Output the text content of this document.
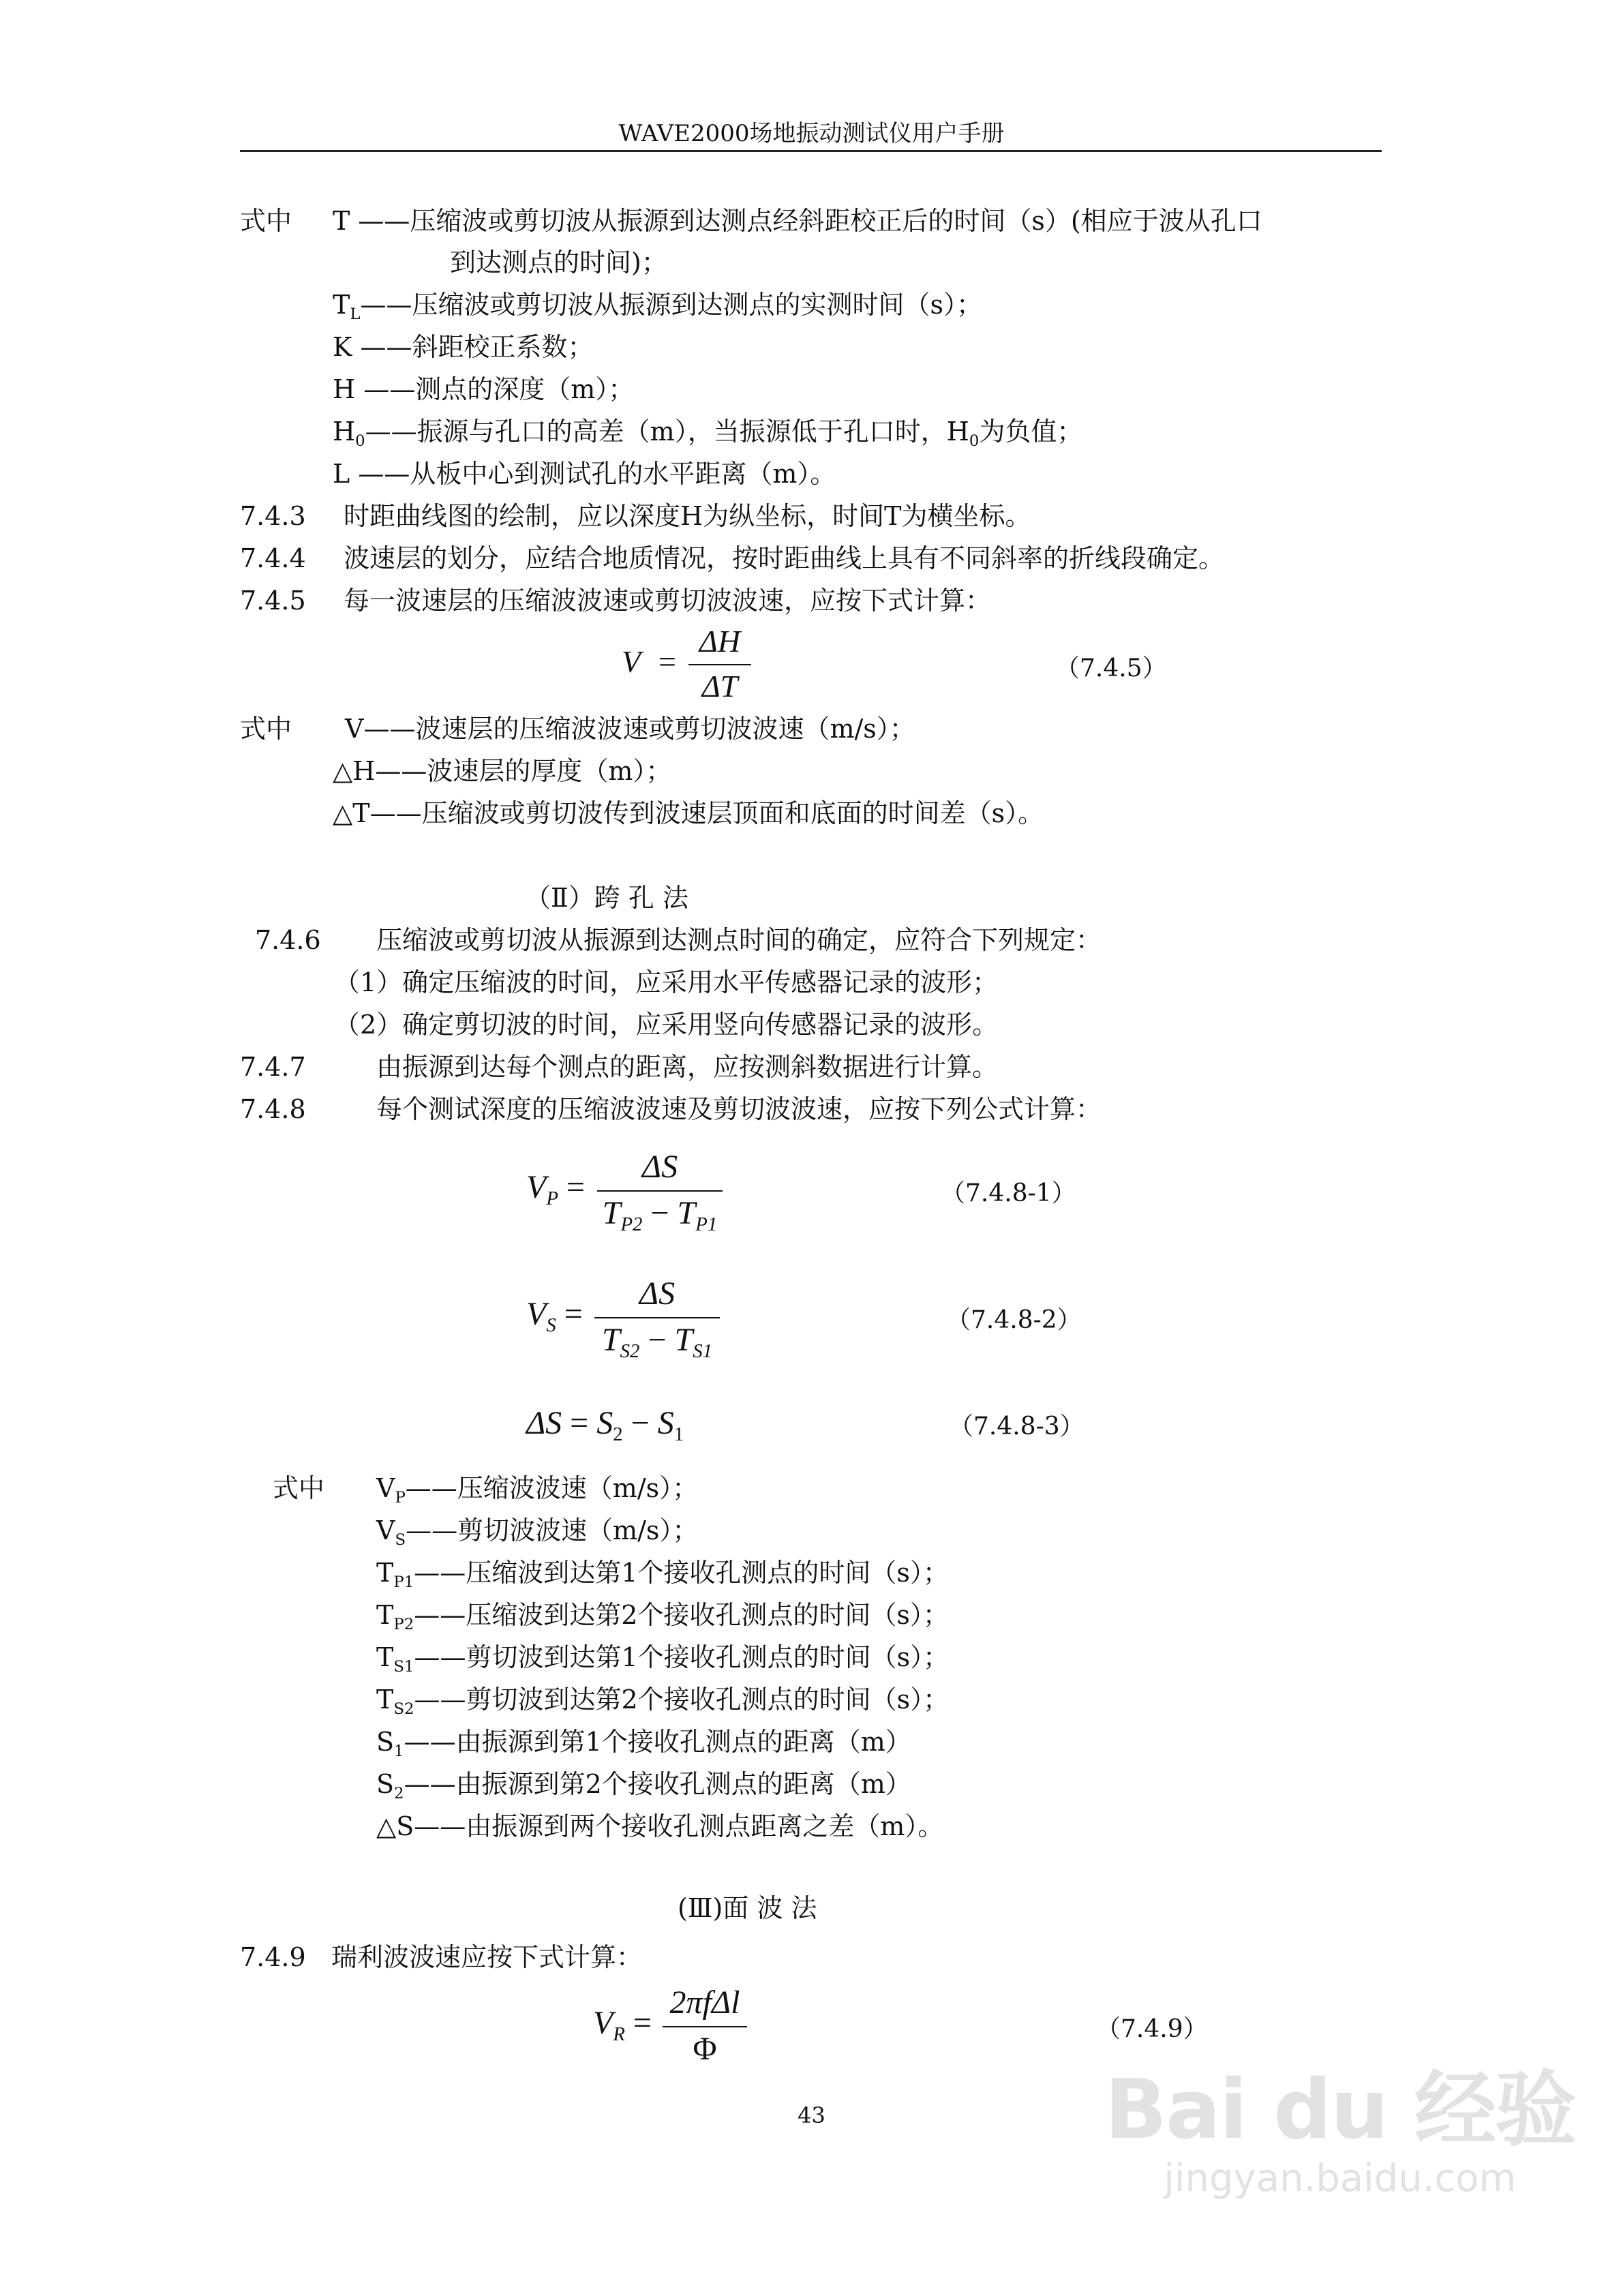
WAVE2000场地振动测试仪用户手册
式中 T ——压缩波或剪切波从振源到达测点经斜距校正后的时间（s）(相应于波从孔口
到达测点的时间)；
$T_L——$压缩波或剪切波从振源到达测点的实测时间（s）；
K ——斜距校正系数；
H ——测点的深度（m）；
$H_0——$振源与孔口的高差（m），当振源低于孔口时，$H_0$为负值；
L ——从板中心到测试孔的水平距离（m）。
7.4.3 时距曲线图的绘制，应以深度H为纵坐标，时间T为横坐标。
7.4.4 波速层的划分，应结合地质情况，按时距曲线上具有不同斜率的折线段确定。
7.4.5 每一波速层的压缩波波速或剪切波波速，应按下式计算：
V =
ΔH
ΔT
（7.4.5）
式中 V——波速层的压缩波波速或剪切波波速（m/s）；
△H——波速层的厚度（m）；
△T——压缩波或剪切波传到波速层顶面和底面的时间差（s）。
（Ⅱ）跨 孔 法
7.4.6 压缩波或剪切波从振源到达测点时间的确定，应符合下列规定：
（1）确定压缩波的时间，应采用水平传感器记录的波形；
（2）确定剪切波的时间，应采用竖向传感器记录的波形。
7.4.7	由振源到达每个测点的距离，应按测斜数据进行计算。
7.4.8	每个测试深度的压缩波波速及剪切波波速，应按下列公式计算：
$V_P$ =
ΔS
$T_{P2} - T_{P1}$
（7.4.8-1）
$V_S$ =
ΔS
$T_{S2} - T_{S1}$
（7.4.8-2）
$\Delta S = S_2 - S_1$	（7.4.8-3）
式中 $V_P——$压缩波波速（m/s）；
$V_S——$剪切波波速（m/s）；
$T_{P1}——$压缩波到达第1个接收孔测点的时间（s）；
$T_{P2}——$压缩波到达第2个接收孔测点的时间（s）；
$T_{S1}——$剪切波到达第1个接收孔测点的时间（s）；
$T_{S2}——$剪切波到达第2个接收孔测点的时间（s）；
$S_1——$由振源到第1个接收孔测点的距离（m）
$S_2——$由振源到第2个接收孔测点的距离（m）
△S——由振源到两个接收孔测点距离之差（m）。
(Ⅲ)面 波 法
7.4.9 瑞利波波速应按下式计算：
$V_R$ =
2πfΔl
Φ
（7.4.9）
43	Bai du 经验
jingyan.baidu.com
